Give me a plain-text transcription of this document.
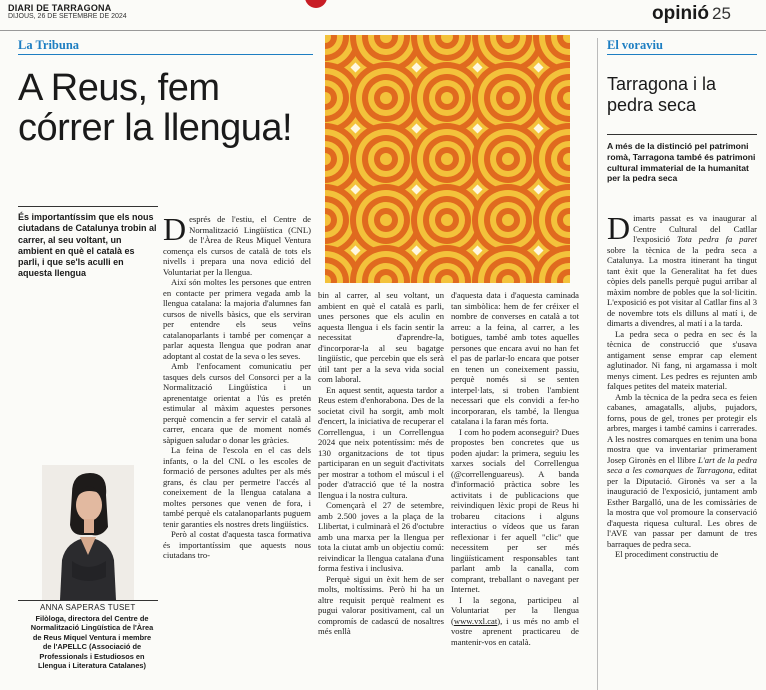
DIARI DE TARRAGONA
DIJOUS, 26 DE SETEMBRE DE 2024	opinió 25
La Tribuna
A Reus, fem córrer la llengua!
És importantíssim que els nous ciutadans de Catalunya trobin al carrer, al seu voltant, un ambient en què el català es parli, i que se'ls aculli en aquesta llengua

Després de l'estiu, el Centre de Normalització Lingüística (CNL) de l'Àrea de Reus Miquel Ventura comença els cursos de català de tots els nivells i prepara una nova edició del Voluntariat per la llengua.

Així són moltes les persones que entren en contacte per primera vegada amb la llengua catalana: la majoria d'alumnes fan cursos de nivells bàsics, que els serviran per entendre els seus veïns catalanoparlants i també per començar a parlar aquesta llengua que podran anar adoptant al costat de la seva o les seves.

Amb l'enfocament comunicatiu per tasques dels cursos del Consorci per a la Normalització Lingüística i un aprenentatge orientat a l'ús es pretén estimular al màxim aquestes persones perquè comencin a fer servir el català al carrer, encara que de moment només sàpiguen saludar o donar les gràcies.

La feina de l'escola en el cas dels infants, o la del CNL o les escoles de formació de persones adultes per als més grans, és clau per permetre l'accés al coneixement de la llengua catalana a moltes persones que venen de fora, i també perquè els catalanoparlants puguem tenir garanties els nostres drets lingüístics.

Però al costat d'aquesta tasca formativa és importantíssim que aquests nous ciutadans tro-

ANNA SAPERAS TUSET
Filòloga, directora del Centre de Normalització Lingüística de l'Àrea de Reus Miquel Ventura i membre de l'APELLC (Associació de Professionals i Estudiosos en Llengua i Literatura Catalanes)

bin al carrer, al seu voltant, un ambient en què el català es parli, unes persones que els aculin en aquesta llengua i els facin sentir la necessitat d'aprendre-la, d'incorporar-la al seu bagatge lingüístic, que percebin que els serà útil tant per a la seva vida social com laboral.

En aquest sentit, aquesta tardor a Reus estem d'enhorabona. Des de la societat civil ha sorgit, amb molt d'encert, la iniciativa de recuperar el Correllengua, i un Correllengua 2024 que neix potentíssim: més de 130 organitzacions de tot tipus participaran en un seguit d'activitats per mostrar a tothom el múscul i el poder d'atracció que té la nostra llengua i la nostra cultura.

Començarà el 27 de setembre, amb 2.500 joves a la plaça de la Llibertat, i culminarà el 26 d'octubre amb una marxa per la llengua per tota la ciutat amb un objectiu comú: reivindicar la llengua catalana d'una forma festiva i inclusiva.

Perquè sigui un èxit hem de ser molts, moltíssims. Però hi ha un altre requisit perquè realment es pugui valorar positivament, cal un compromís de cadascú de nosaltres més enllà

d'aquesta data i d'aquesta caminada tan simbòlica: hem de fer créixer el nombre de converses en català a tot arreu: a la feina, al carrer, a les botigues, també amb totes aquelles persones que encara avui no han fet el pas de parlar-lo encara que potser en tenen un coneixement passiu, perquè només si se senten interpel·lats, si troben l'ambient necessari que els convidi a fer-ho incorporaran, els també, la llengua catalana i la faran més forta.

I com ho podem aconseguir? Dues propostes ben concretes que us poden ajudar: la primera, seguiu les xarxes socials del Correllengua (@correllenguareus). A banda d'informació pràctica sobre les activitats i de publicacions que reivindiquen lèxic propi de Reus hi trobareu citacions i alguns interactius o vídeos que us faran reflexionar i fer aquell "clic" que necessitem per ser més lingüísticament responsables tant parlant amb la canalla, com comprant, treballant o navegant per Internet.

I la segona, participeu al Voluntariat per la llengua (www.vxl.cat), i us més no amb el vostre aprenent practicareu de mantenir-vos en català.

El voraviu
Tarragona i la pedra seca
A més de la distinció pel patrimoni romà, Tarragona també és patrimoni cultural immaterial de la humanitat per la pedra seca

Dimarts passat es va inaugurar al Centre Cultural del Catllar l'exposició Tota pedra fa paret sobre la tècnica de la pedra seca a Catalunya. La mostra itinerant ha tingut tant èxit que la Generalitat ha fet dues còpies dels panells perquè pugui arribar al màxim nombre de pobles que la sol·licitin. L'exposició es pot visitar al Catllar fins al 3 de novembre tots els dilluns al matí i, de dimarts a divendres, al matí i a la tarda.

La pedra seca o pedra en sec és la tècnica de construcció que s'usava antigament sense emprar cap element aglutinador. Ni fang, ni argamassa i molt menys ciment. Les pedres es rejunten amb falques petites del mateix material.

Amb la tècnica de la pedra seca es feien cabanes, amagatalls, aljubs, pujadors, forns, pous de gel, trones per protegir els arbres, marges i també camins i carrerades. A les nostres comarques en tenim una bona mostra que va inventariar primerament Josep Gironès en el llibre L'art de la pedra seca a les comarques de Tarragona, editat per la Diputació. Gironès va ser a la inauguració de l'exposició, juntament amb Esther Bargalló, una de les comissàries de la mostra que vol promoure la conservació d'aquesta riquesa cultural. Les obres de l'AVE van passar per damunt de tres barraques de pedra seca.

El procediment constructiu de
